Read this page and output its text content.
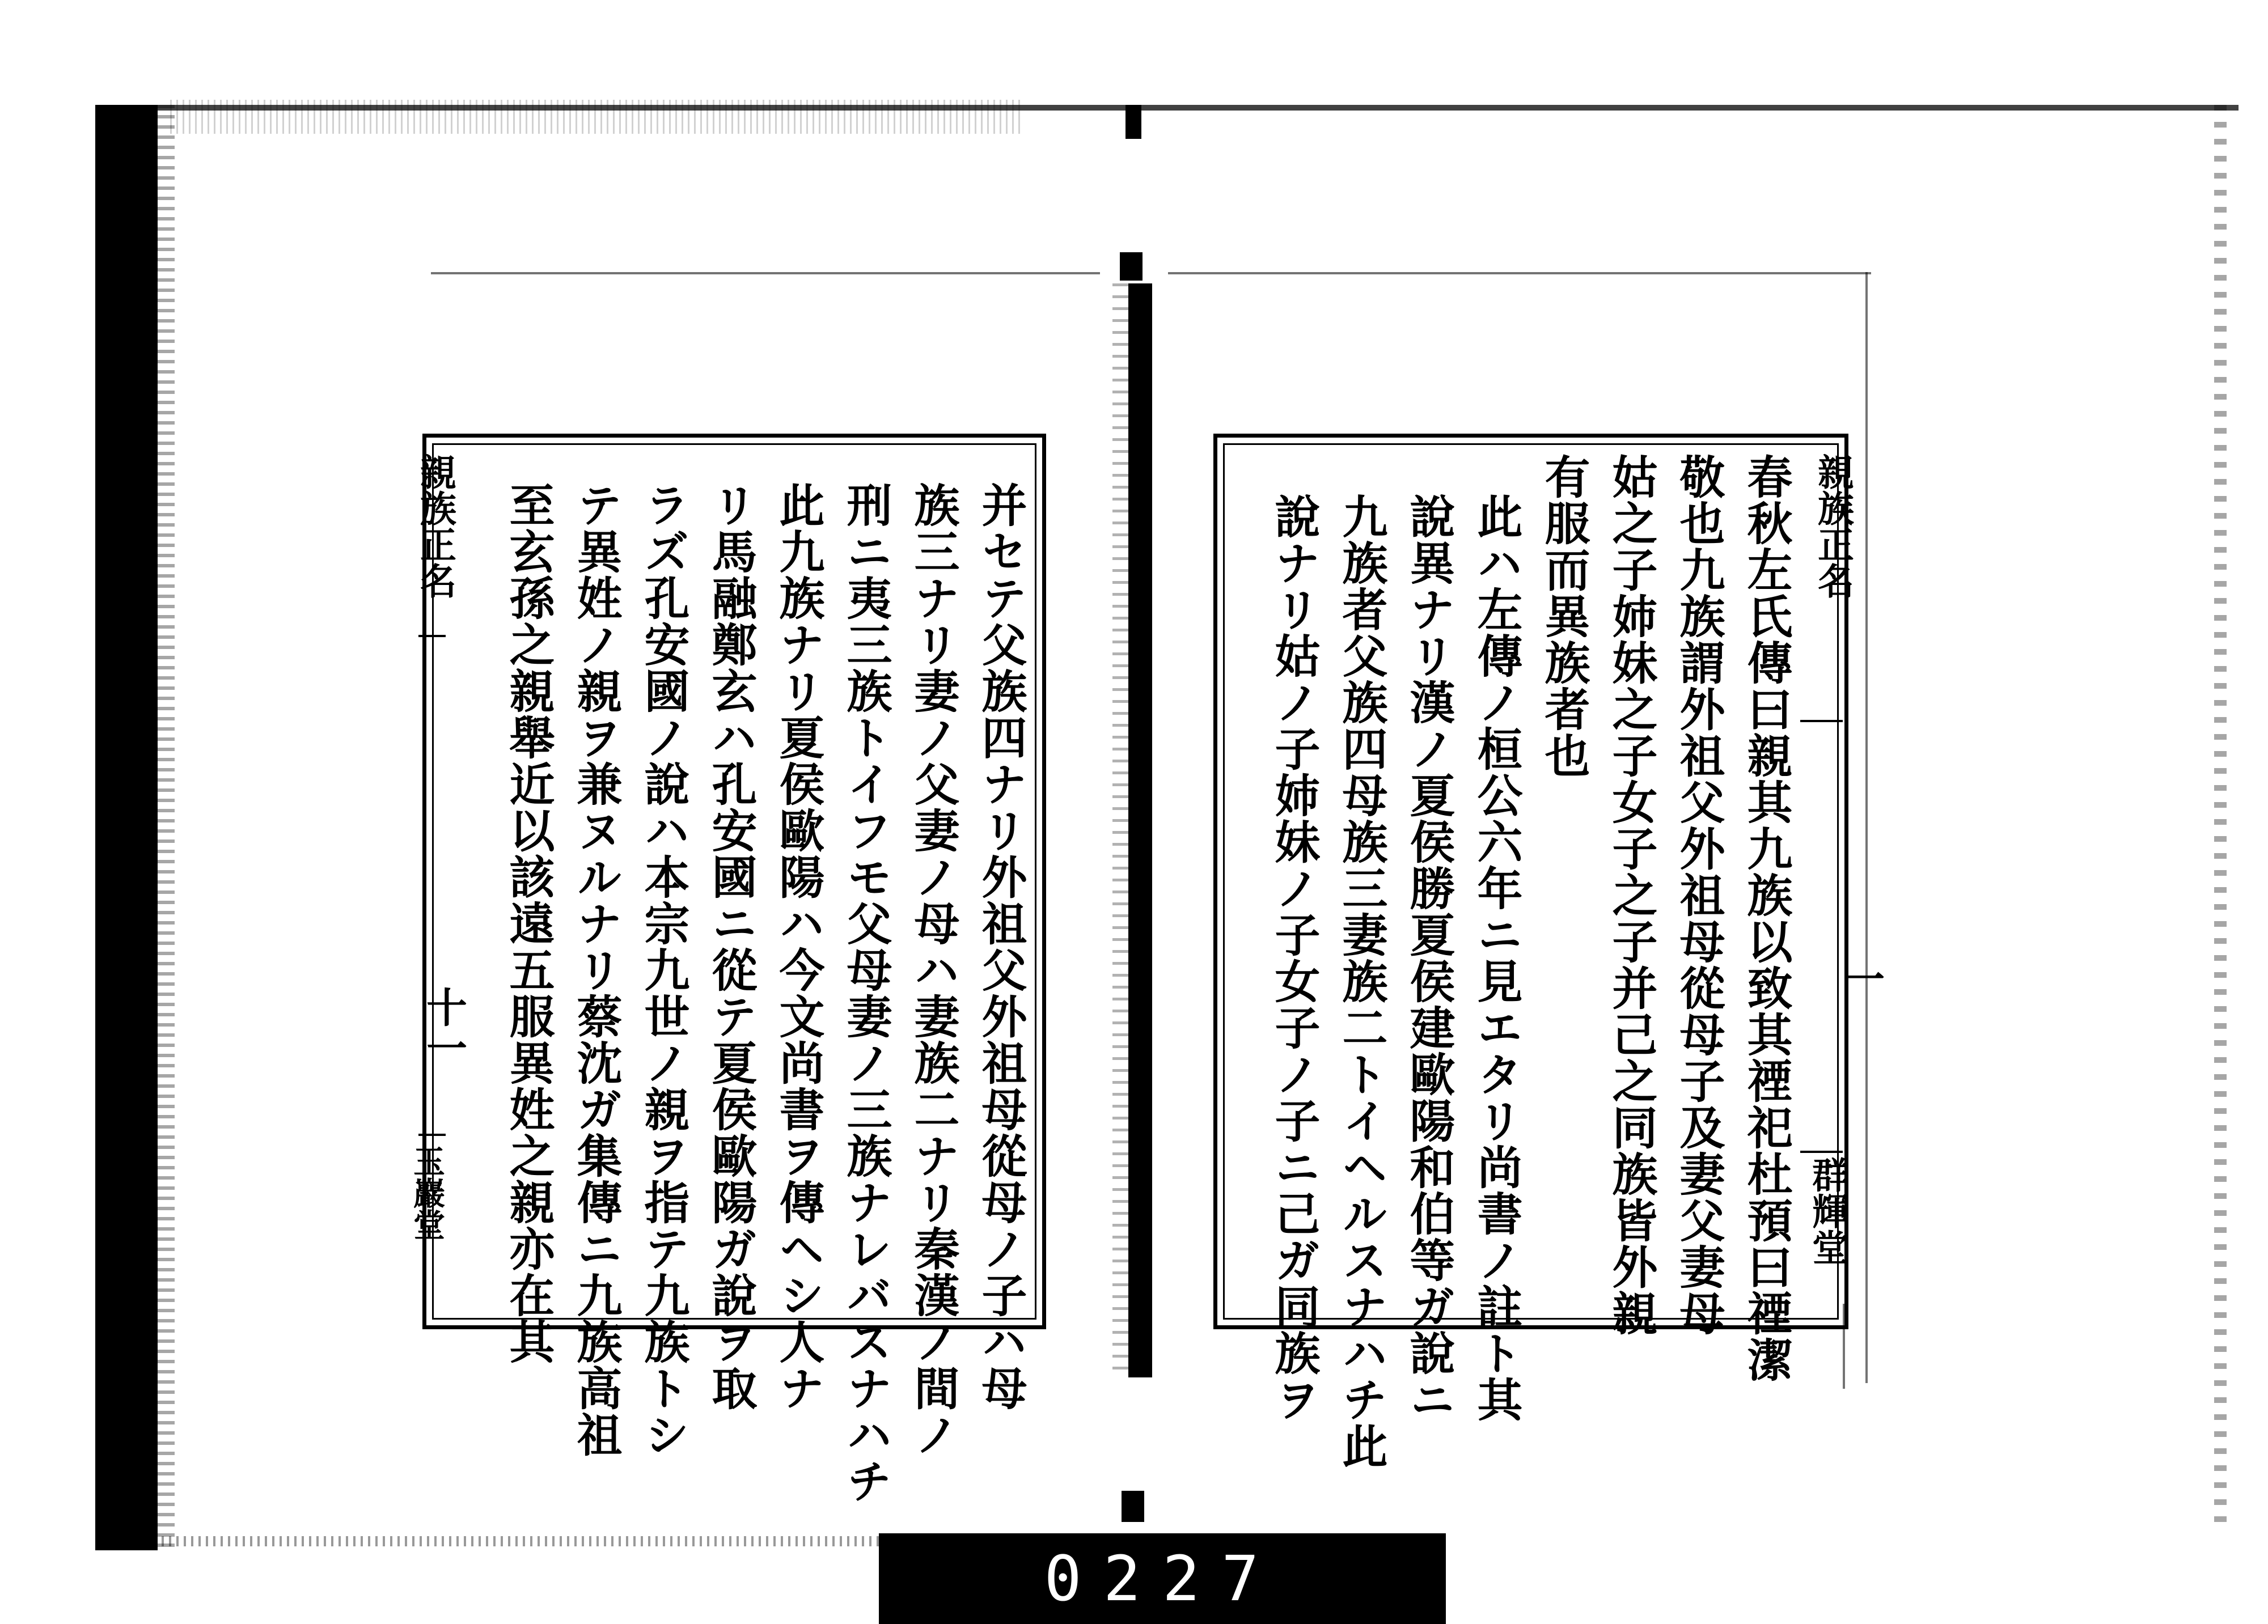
親族正名
十一
玉巖堂	并セテ父族四ナリ外祖父外祖母從母ノ子ハ母
族三ナリ妻ノ父妻ノ母ハ妻族二ナリ秦漢ノ間ノ
刑ニ夷三族トイフモ父母妻ノ三族ナレバスナハチ
此九族ナリ夏侯歐陽ハ今文尚書ヲ傳ヘシ人ナ
リ馬融鄭玄ハ孔安國ニ從テ夏侯歐陽ガ說ヲ取
ラズ孔安國ノ說ハ本宗九世ノ親ヲ指テ九族トシ
テ異姓ノ親ヲ兼ヌルナリ蔡沈ガ集傳ニ九族高祖
至玄孫之親舉近以該遠五服異姓之親亦在其	親族正名
一
群輝堂
春秋左氏傳曰親其九族以致其禋祀杜預曰禋潔
敬也九族謂外祖父外祖母從母子及妻父妻母
姑之子姉妹之子女子之子并己之同族皆外親
有服而異族者也
此ハ左傳ノ桓公六年ニ見エタリ尚書ノ註ト其
說異ナリ漢ノ夏侯勝夏侯建歐陽和伯等ガ說ニ
九族者父族四母族三妻族二トイヘルスナハチ此
說ナリ姑ノ子姉妹ノ子女子ノ子ニ己ガ同族ヲ
0227
